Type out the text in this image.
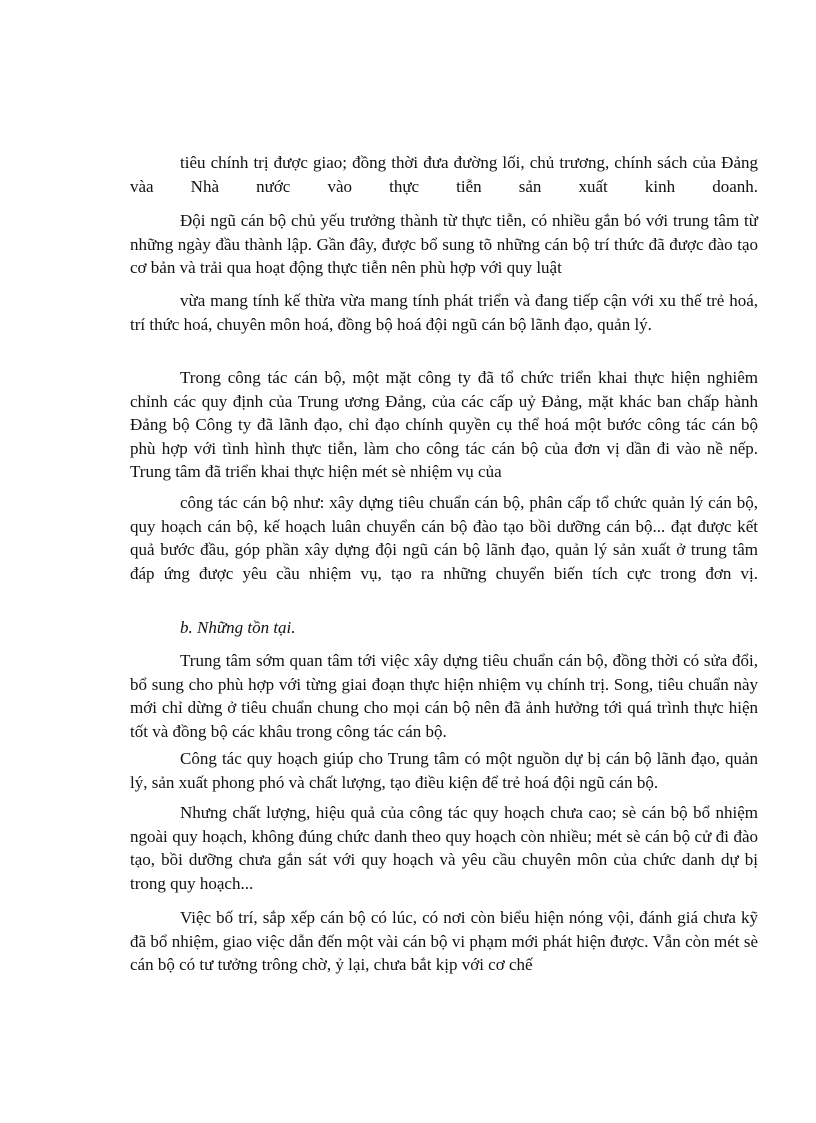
tiêu chính trị được giao; đồng thời đưa đường lối, chủ trương, chính sách của Đảng vàa Nhà nước vào thực tiễn sản xuất kinh doanh.

Đội ngũ cán bộ chủ yếu trưởng thành từ thực tiễn, có nhiều gắn bó với trung tâm từ những ngày đầu thành lập. Gần đây, được bổ sung tõ những cán bộ trí thức đã được đào tạo cơ bản và trải qua hoạt động thực tiễn nên phù hợp với quy luật

vừa mang tính kế thừa vừa mang tính phát triển và đang tiếp cận với xu thế trẻ hoá, trí thức hoá, chuyên môn hoá, đồng bộ hoá đội ngũ cán bộ lãnh đạo, quản lý.

Trong công tác cán bộ, một mặt công ty đã tổ chức triển khai thực hiện nghiêm chỉnh các quy định của Trung ương Đảng, của các cấp uỷ Đảng, mặt khác ban chấp hành Đảng bộ Công ty đã lãnh đạo, chỉ đạo chính quyền cụ thể hoá một bước công tác cán bộ phù hợp với tình hình thực tiễn, làm cho công tác cán bộ của đơn vị dần đi vào nề nếp. Trung tâm đã triển khai thực hiện mét sè nhiệm vụ của

công tác cán bộ như: xây dựng tiêu chuẩn cán bộ, phân cấp tổ chức quản lý cán bộ, quy hoạch cán bộ, kế hoạch luân chuyển cán bộ đào tạo bồi dưỡng cán bộ... đạt được kết quả bước đầu, góp phần xây dựng đội ngũ cán bộ lãnh đạo, quản lý sản xuất ở trung tâm đáp ứng được yêu cầu nhiệm vụ, tạo ra những chuyển biến tích cực trong đơn vị.

b. Những tồn tại.

Trung tâm sớm quan tâm tới việc xây dựng tiêu chuẩn cán bộ, đồng thời có sửa đổi, bổ sung cho phù hợp với từng giai đoạn thực hiện nhiệm vụ chính trị. Song, tiêu chuẩn này mới chỉ dừng ở tiêu chuẩn chung cho mọi cán bộ nên đã ảnh hưởng tới quá trình thực hiện tốt và đồng bộ các khâu trong công tác cán bộ.

Công tác quy hoạch giúp cho Trung tâm có một nguồn dự bị cán bộ lãnh đạo, quản lý, sản xuất phong phó và chất lượng, tạo điều kiện để trẻ hoá đội ngũ cán bộ.

Nhưng chất lượng, hiệu quả của công tác quy hoạch chưa cao; sè cán bộ bổ nhiệm ngoài quy hoạch, không đúng chức danh theo quy hoạch còn nhiều; mét sè cán bộ cử đi đào tạo, bồi dưỡng chưa gắn sát với quy hoạch và yêu cầu chuyên môn của chức danh dự bị trong quy hoạch...

Việc bố trí, sắp xếp cán bộ có lúc, có nơi còn biểu hiện nóng vội, đánh giá chưa kỹ đã bổ nhiệm, giao việc dẫn đến một vài cán bộ vi phạm mới phát hiện được. Vẫn còn mét sè cán bộ có tư tưởng trông chờ, ỷ lại, chưa bắt kịp với cơ chế
